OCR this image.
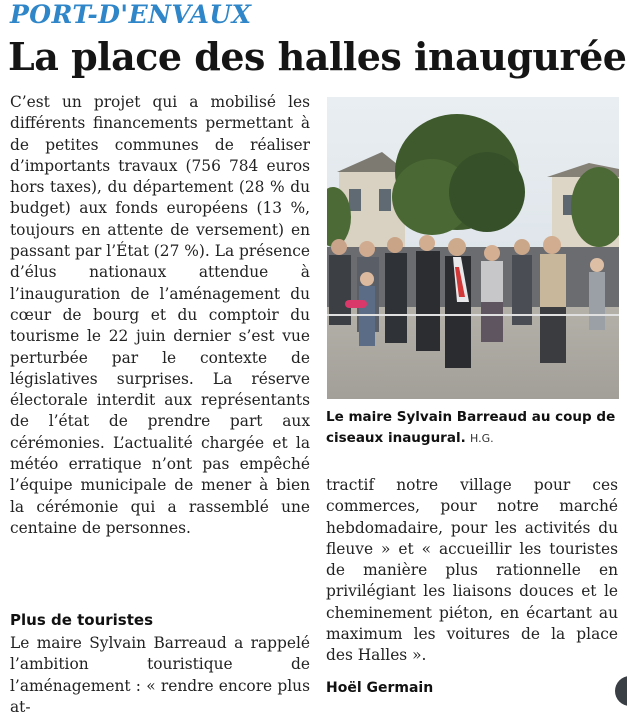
PORT-D'ENVAUX
La place des halles inaugurée

C’est un projet qui a mobilisé les différents financements permettant à de petites communes de réaliser d’importants travaux (756 784 euros hors taxes), du département (28 % du budget) aux fonds européens (13 %, toujours en attente de versement) en passant par l’État (27 %). La présence d’élus nationaux attendue à l’inauguration de l’aménagement du cœur de bourg et du comptoir du tourisme le 22 juin dernier s’est vue perturbée par le contexte de législatives surprises. La réserve électorale interdit aux représentants de l’état de prendre part aux cérémonies. L’actualité chargée et la météo erratique n’ont pas empêché l’équipe municipale de mener à bien la cérémonie qui a rassemblé une centaine de personnes.

Plus de touristes
Le maire Sylvain Barreaud a rappelé l’ambition touristique de l’aménagement : « rendre encore plus at-
Le maire Sylvain Barreaud au coup de ciseaux inaugural. H.G.
tractif notre village pour ces commerces, pour notre marché hebdomadaire, pour les activités du fleuve » et « accueillir les touristes de manière plus rationnelle en privilégiant les liaisons douces et le cheminement piéton, en écartant au maximum les voitures de la place des Halles ».
Hoël Germain
